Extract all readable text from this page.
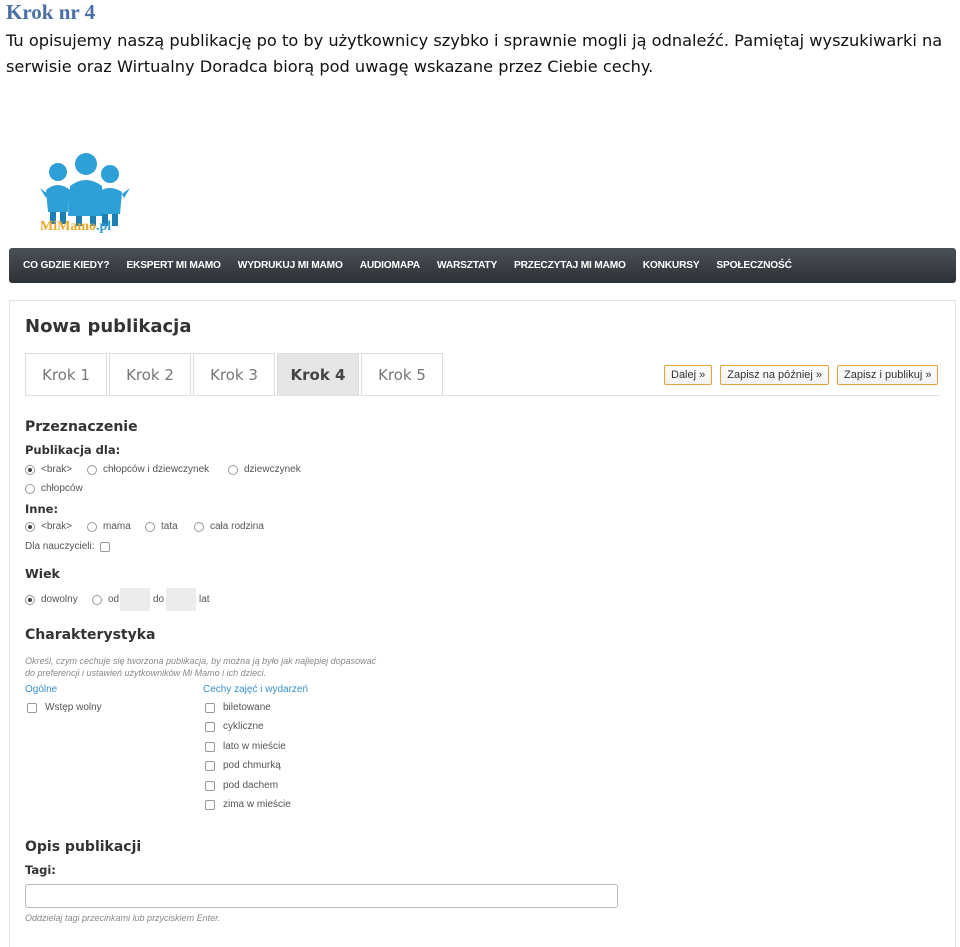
Krok nr 4
Tu opisujemy naszą publikację po to by użytkownicy szybko i sprawnie mogli ją odnaleźć. Pamiętaj wyszukiwarki na serwisie oraz Wirtualny Doradca biorą pod uwagę wskazane przez Ciebie cechy.
MiMamo.pl
CO GDZIE KIEDY? EKSPERT MI MAMO WYDRUKUJ MI MAMO AUDIOMAPA WARSZTATY PRZECZYTAJ MI MAMO KONKURSY SPOŁECZNOŚĆ
Nowa publikacja
Krok 1	Krok 2	Krok 3	Krok 4	Krok 5	Dalej »	Zapisz na później »	Zapisz i publikuj »
Przeznaczenie
Publikacja dla:
<brak>	chłopców i dziewczynek	dziewczynek
chłopców
Inne:
<brak>	mama	tata	cała rodzina
Dla nauczycieli:
Wiek
dowolny	od	do	lat
Charakterystyka
Określ, czym cechuje się tworzona publikacja, by można ją było jak najlepiej dopasować
do preferencji i ustawień użytkowników Mi Mamo i ich dzieci.
Ogólne
Wstęp wolny
Cechy zajęć i wydarzeń
biletowane
cykliczne
lato w mieście
pod chmurką
pod dachem
zima w mieście
Opis publikacji
Tagi:
Oddzielaj tagi przecinkami lub przyciskiem Enter.
